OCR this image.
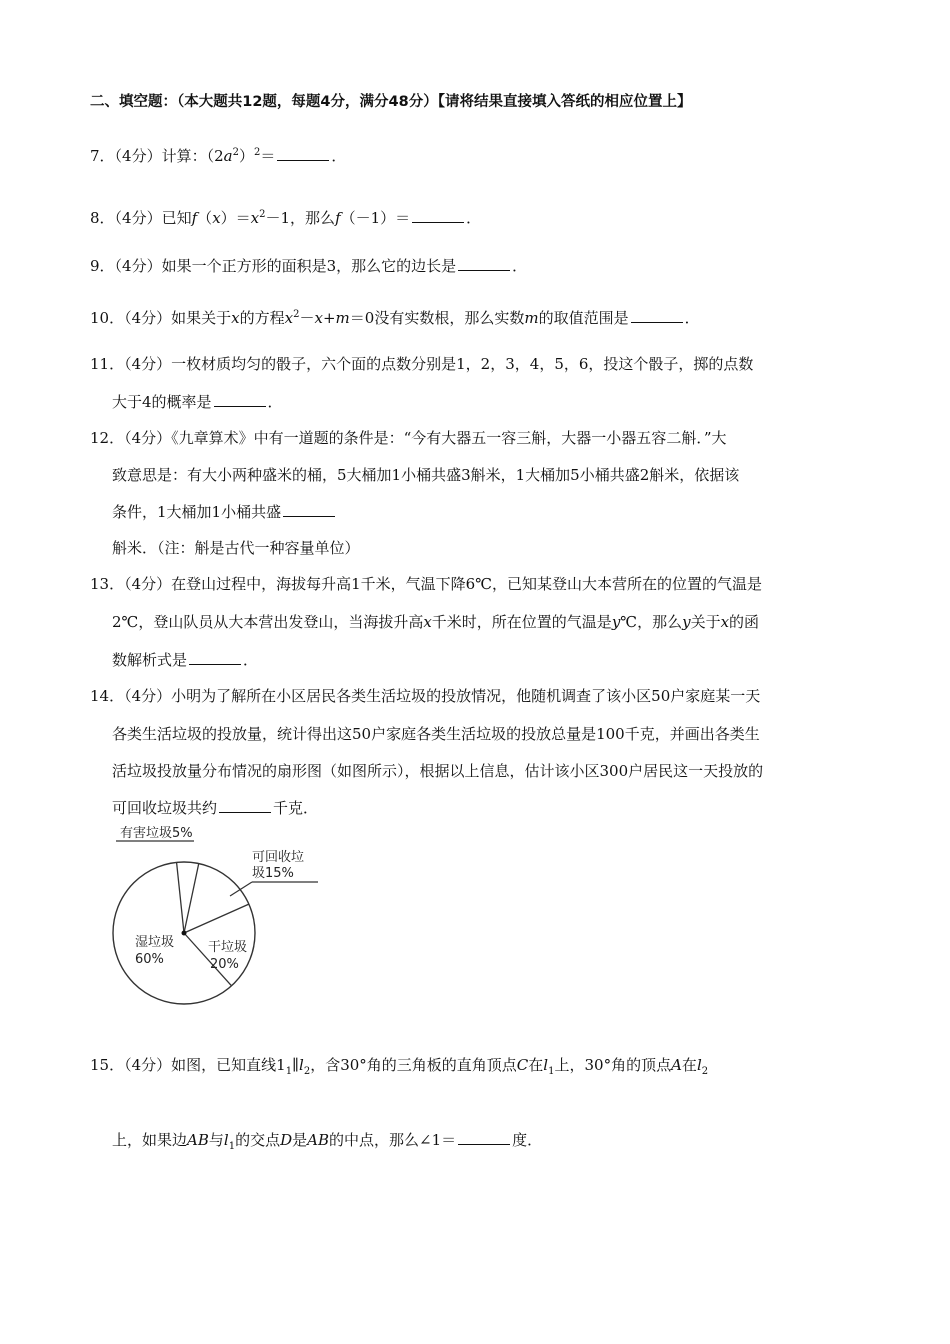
二、填空题：（本大题共12题，每题4分，满分48分）【请将结果直接填入答纸的相应位置上】
7．（4分）计算：$(2a^2)^2=$	．
8．（4分）已知$f(x)=x^2-1$，那么f（－1）＝	．
9．（4分）如果一个正方形的面积是3，那么它的边长是	．
10．（4分）如果关于x的方程$x^2-x+m=0$没有实数根，那么实数m的取值范围是	．
11．（4分）一枚材质均匀的骰子，六个面的点数分别是1，2，3，4，5，6，投这个骰子，掷的点数
大于4的概率是	．
12．（4分）《九章算术》中有一道题的条件是：“今有大器五一容三斛，大器一小器五容二斛．”大
致意思是：有大小两种盛米的桶，5大桶加1小桶共盛3斛米，1大桶加5小桶共盛2斛米，依据该
条件，1大桶加1小桶共盛
斛米．（注：斛是古代一种容量单位）
13．（4分）在登山过程中，海拔每升高1千米，气温下降6℃，已知某登山大本营所在的位置的气温是
2℃，登山队员从大本营出发登山，当海拔升高x千米时，所在位置的气温是y℃，那么y关于x的函
数解析式是	．
14．（4分）小明为了解所在小区居民各类生活垃圾的投放情况，他随机调查了该小区50户家庭某一天
各类生活垃圾的投放量，统计得出这50户家庭各类生活垃圾的投放总量是100千克，并画出各类生
活垃圾投放量分布情况的扇形图（如图所示），根据以上信息，估计该小区300户居民这一天投放的
可回收垃圾共约	千克．
有害垃圾5%
可回收垃
圾15%
干垃圾
20%
湿垃圾
60%
15．（4分）如图，已知直线$1_1\parallel l_2$，含30°角的三角板的直角顶点C在$l_1$上，30°角的顶点A在$l_2$
上，如果边AB与$l_1$的交点D是AB的中点，那么∠1＝	度．
